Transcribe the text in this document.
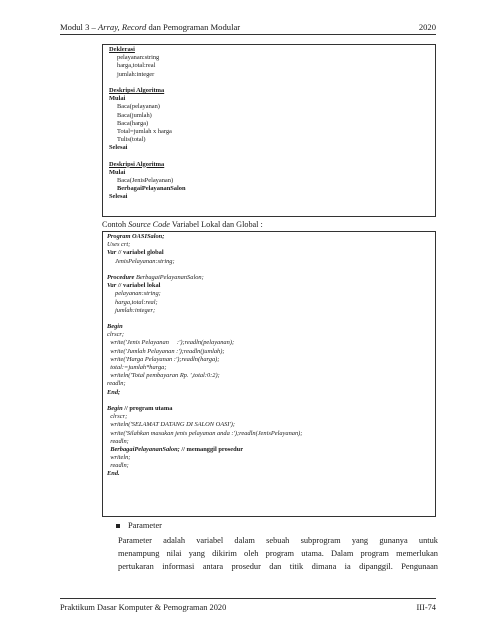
Modul 3 – Array, Record dan Pemograman Modular	2020
Deklerasi
pelayanan:string
harga,total:real
jumlah:integer
Deskripsi Algoritma
Mulai
Baca(pelayanan)
Baca(jumlah)
Baca(harga)
Total=jumlah x harga
Tulis(total)
Selesai
Deskripsi Algoritma
Mulai
Baca(JenisPelayanan)
BerbagaiPelayananSalon
Selesai
Contoh Source Code Variabel Lokal dan Global :
Program OASISalon;
Uses crt;
Var // variabel global
JenisPelayanan:string;
Procedure BerbagaiPelayananSalon;
Var // variabel lokal
pelayanan:string;
harga,total:real;
jumlah:integer;
Begin
clrscr;
write('Jenis Pelayanan     :');readln(pelayanan);
write('Jumlah Pelayanan :');readln(jumlah);
write('Harga Pelayanan :');readln(harga);
total:=jumlah*harga;
writeln('Total pembayaran Rp. ',total:0:2);
readln;
End;
Begin // program utama
clrscr;
writeln('SELAMAT DATANG DI SALON OASI');
write('Silahkan masukan jenis pelayanan anda :');readln(JenisPelayanan);
readln;
BerbagaiPelayananSalon; // memanggil prosedur
writeln;
readln;
End.
Parameter
Parameter adalah variabel dalam sebuah subprogram yang gunanya untuk
menampung nilai yang dikirim oleh program utama. Dalam program memerlukan
pertukaran informasi antara prosedur dan titik dimana ia dipanggil. Pengunaan
Praktikum Dasar Komputer & Pemograman 2020	III-74
